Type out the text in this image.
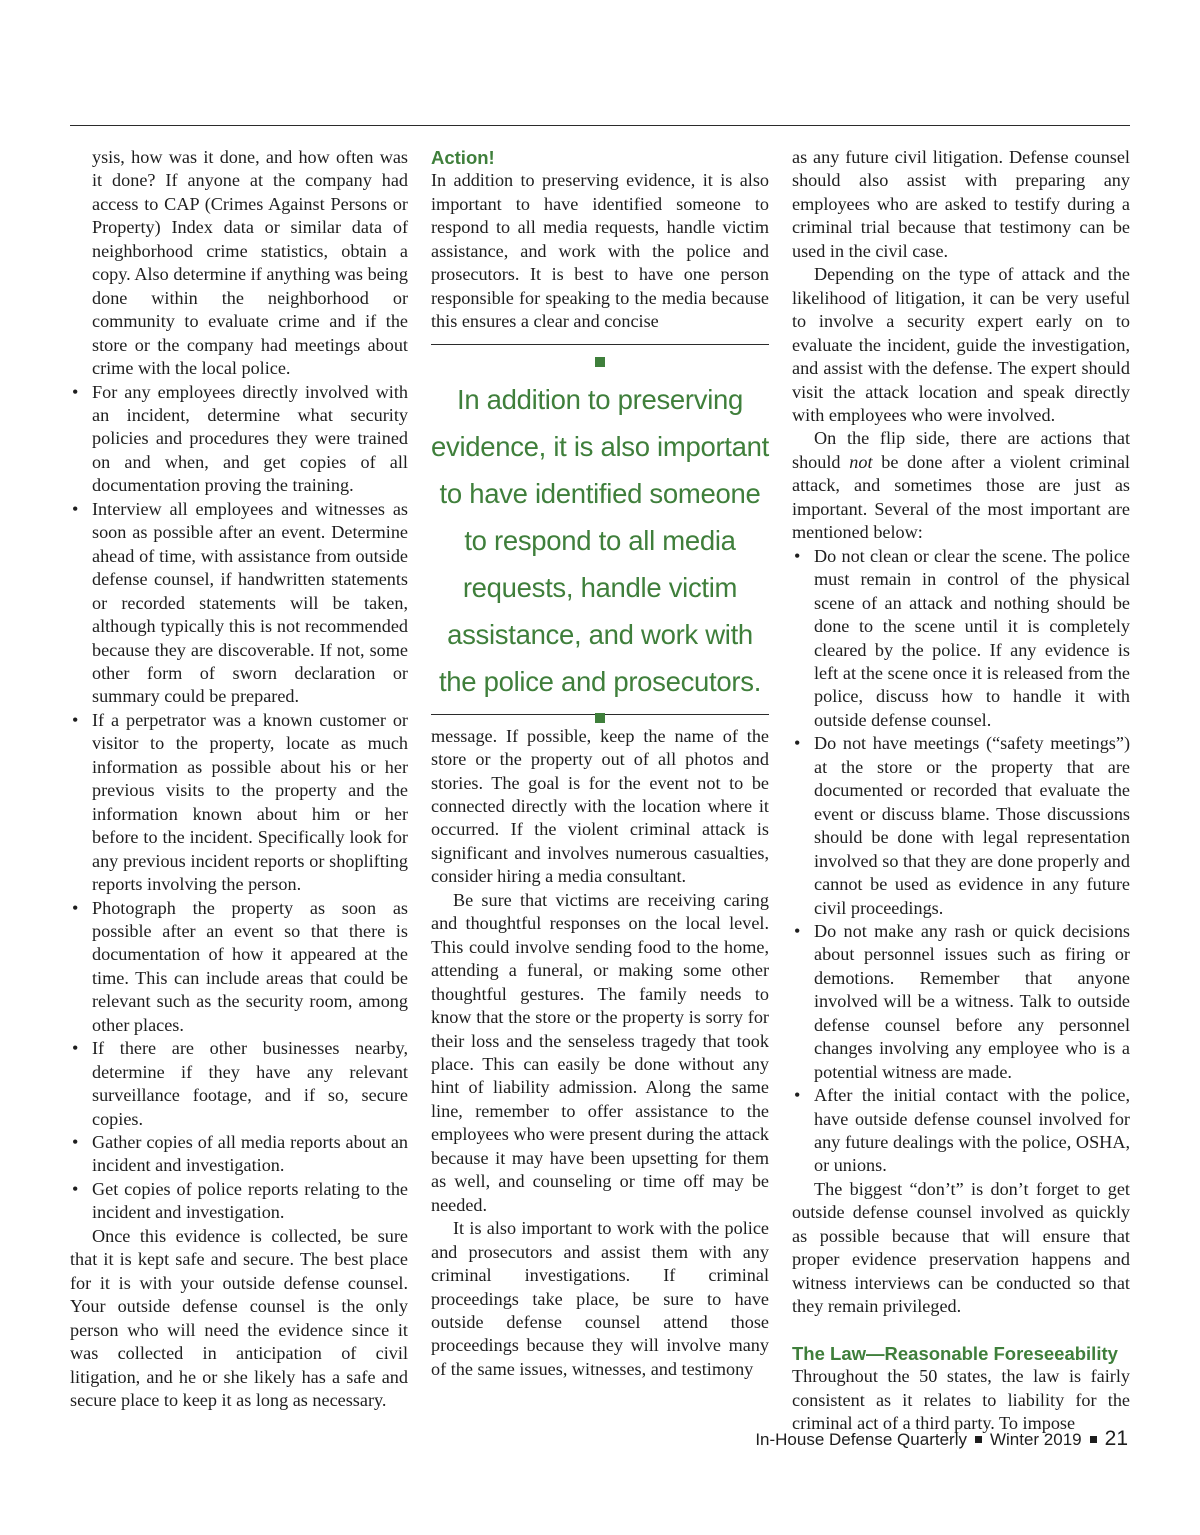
ysis, how was it done, and how often was it done? If anyone at the company had access to CAP (Crimes Against Persons or Property) Index data or similar data of neighborhood crime statistics, obtain a copy. Also determine if anything was being done within the neighborhood or community to evaluate crime and if the store or the company had meetings about crime with the local police.

• For any employees directly involved with an incident, determine what security policies and procedures they were trained on and when, and get copies of all documentation proving the training.
• Interview all employees and witnesses as soon as possible after an event. Determine ahead of time, with assistance from outside defense counsel, if handwritten statements or recorded statements will be taken, although typically this is not recommended because they are discoverable. If not, some other form of sworn declaration or summary could be prepared.
• If a perpetrator was a known customer or visitor to the property, locate as much information as possible about his or her previous visits to the property and the information known about him or her before to the incident. Specifically look for any previous incident reports or shoplifting reports involving the person.
• Photograph the property as soon as possible after an event so that there is documentation of how it appeared at the time. This can include areas that could be relevant such as the security room, among other places.
• If there are other businesses nearby, determine if they have any relevant surveillance footage, and if so, secure copies.
• Gather copies of all media reports about an incident and investigation.
• Get copies of police reports relating to the incident and investigation.

Once this evidence is collected, be sure that it is kept safe and secure. The best place for it is with your outside defense counsel. Your outside defense counsel is the only person who will need the evidence since it was collected in anticipation of civil litigation, and he or she likely has a safe and secure place to keep it as long as necessary.

Action!

In addition to preserving evidence, it is also important to have identified someone to respond to all media requests, handle victim assistance, and work with the police and prosecutors. It is best to have one person responsible for speaking to the media because this ensures a clear and concise

In addition to preserving evidence, it is also important to have identified someone to respond to all media requests, handle victim assistance, and work with the police and prosecutors.

message. If possible, keep the name of the store or the property out of all photos and stories. The goal is for the event not to be connected directly with the location where it occurred. If the violent criminal attack is significant and involves numerous casualties, consider hiring a media consultant.

Be sure that victims are receiving caring and thoughtful responses on the local level. This could involve sending food to the home, attending a funeral, or making some other thoughtful gestures. The family needs to know that the store or the property is sorry for their loss and the senseless tragedy that took place. This can easily be done without any hint of liability admission. Along the same line, remember to offer assistance to the employees who were present during the attack because it may have been upsetting for them as well, and counseling or time off may be needed.

It is also important to work with the police and prosecutors and assist them with any criminal investigations. If criminal proceedings take place, be sure to have outside defense counsel attend those proceedings because they will involve many of the same issues, witnesses, and testimony

as any future civil litigation. Defense counsel should also assist with preparing any employees who are asked to testify during a criminal trial because that testimony can be used in the civil case.

Depending on the type of attack and the likelihood of litigation, it can be very useful to involve a security expert early on to evaluate the incident, guide the investigation, and assist with the defense. The expert should visit the attack location and speak directly with employees who were involved.

On the flip side, there are actions that should not be done after a violent criminal attack, and sometimes those are just as important. Several of the most important are mentioned below:

• Do not clean or clear the scene. The police must remain in control of the physical scene of an attack and nothing should be done to the scene until it is completely cleared by the police. If any evidence is left at the scene once it is released from the police, discuss how to handle it with outside defense counsel.
• Do not have meetings (“safety meetings”) at the store or the property that are documented or recorded that evaluate the event or discuss blame. Those discussions should be done with legal representation involved so that they are done properly and cannot be used as evidence in any future civil proceedings.
• Do not make any rash or quick decisions about personnel issues such as firing or demotions. Remember that anyone involved will be a witness. Talk to outside defense counsel before any personnel changes involving any employee who is a potential witness are made.
• After the initial contact with the police, have outside defense counsel involved for any future dealings with the police, OSHA, or unions.

The biggest “don’t” is don’t forget to get outside defense counsel involved as quickly as possible because that will ensure that proper evidence preservation happens and witness interviews can be conducted so that they remain privileged.

The Law—Reasonable Foreseeability

Throughout the 50 states, the law is fairly consistent as it relates to liability for the criminal act of a third party. To impose

In-House Defense Quarterly Winter 2019 21
